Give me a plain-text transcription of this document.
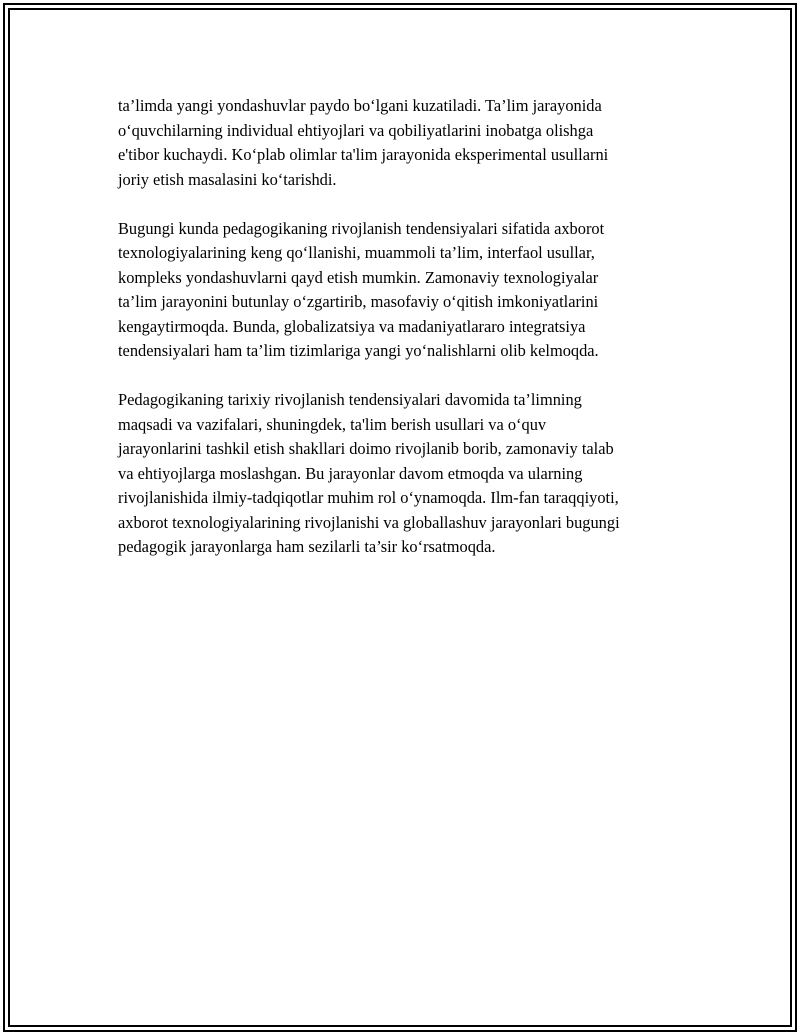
ta’limda yangi yondashuvlar paydo bo‘lgani kuzatiladi. Ta’lim jarayonida
o‘quvchilarning individual ehtiyojlari va qobiliyatlarini inobatga olishga
e'tibor kuchaydi. Ko‘plab olimlar ta'lim jarayonida eksperimental usullarni
joriy etish masalasini ko‘tarishdi.

Bugungi kunda pedagogikaning rivojlanish tendensiyalari sifatida axborot
texnologiyalarining keng qo‘llanishi, muammoli ta’lim, interfaol usullar,
kompleks yondashuvlarni qayd etish mumkin. Zamonaviy texnologiyalar
ta’lim jarayonini butunlay o‘zgartirib, masofaviy o‘qitish imkoniyatlarini
kengaytirmoqda. Bunda, globalizatsiya va madaniyatlararo integratsiya
tendensiyalari ham ta’lim tizimlariga yangi yo‘nalishlarni olib kelmoqda.

Pedagogikaning tarixiy rivojlanish tendensiyalari davomida ta’limning
maqsadi va vazifalari, shuningdek, ta'lim berish usullari va o‘quv
jarayonlarini tashkil etish shakllari doimo rivojlanib borib, zamonaviy talab
va ehtiyojlarga moslashgan. Bu jarayonlar davom etmoqda va ularning
rivojlanishida ilmiy-tadqiqotlar muhim rol o‘ynamoqda. Ilm-fan taraqqiyoti,
axborot texnologiyalarining rivojlanishi va globallashuv jarayonlari bugungi
pedagogik jarayonlarga ham sezilarli ta’sir ko‘rsatmoqda.
